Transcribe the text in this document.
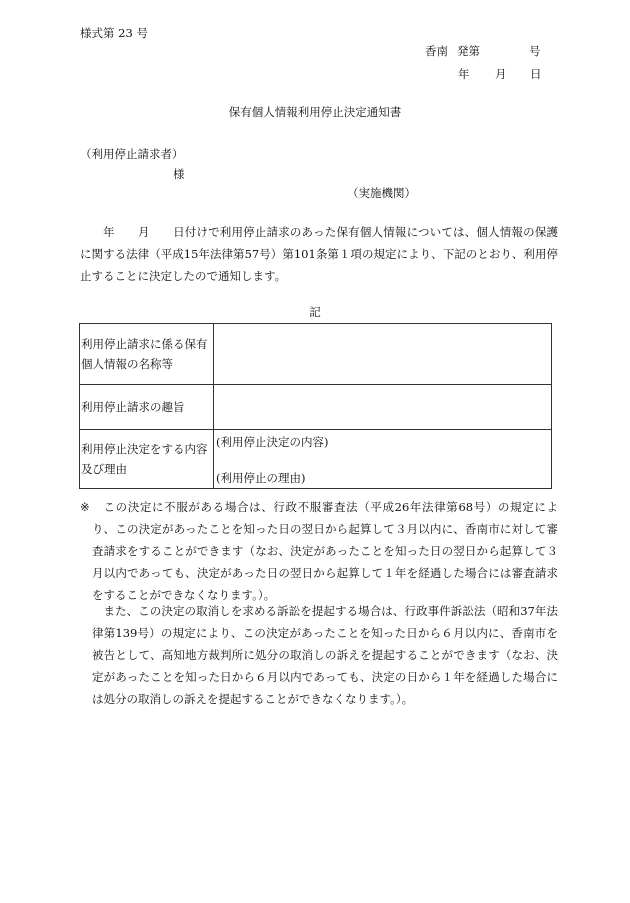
様式第 23 号
香南 発第	号
年 月 日
保有個人情報利用停止決定通知書
（利用停止請求者）
様
（実施機関）
年　　月　　日付けで利用停止請求のあった保有個人情報については、個人情報の保護に関する法律（平成15年法律第57号）第101条第１項の規定により、下記のとおり、利用停止することに決定したので通知します。
記
利用停止請求に係る保有個人情報の名称等	
利用停止請求の趣旨	
利用停止決定をする内容及び理由	(利用停止決定の内容)
(利用停止の理由)
※	この決定に不服がある場合は、行政不服審査法（平成26年法律第68号）の規定により、この決定があったことを知った日の翌日から起算して３月以内に、香南市に対して審査請求をすることができます（なお、決定があったことを知った日の翌日から起算して３月以内であっても、決定があった日の翌日から起算して１年を経過した場合には審査請求をすることができなくなります。）。
また、この決定の取消しを求める訴訟を提起する場合は、行政事件訴訟法（昭和37年法律第139号）の規定により、この決定があったことを知った日から６月以内に、香南市を被告として、高知地方裁判所に処分の取消しの訴えを提起することができます（なお、決定があったことを知った日から６月以内であっても、決定の日から１年を経過した場合には処分の取消しの訴えを提起することができなくなります。）。
